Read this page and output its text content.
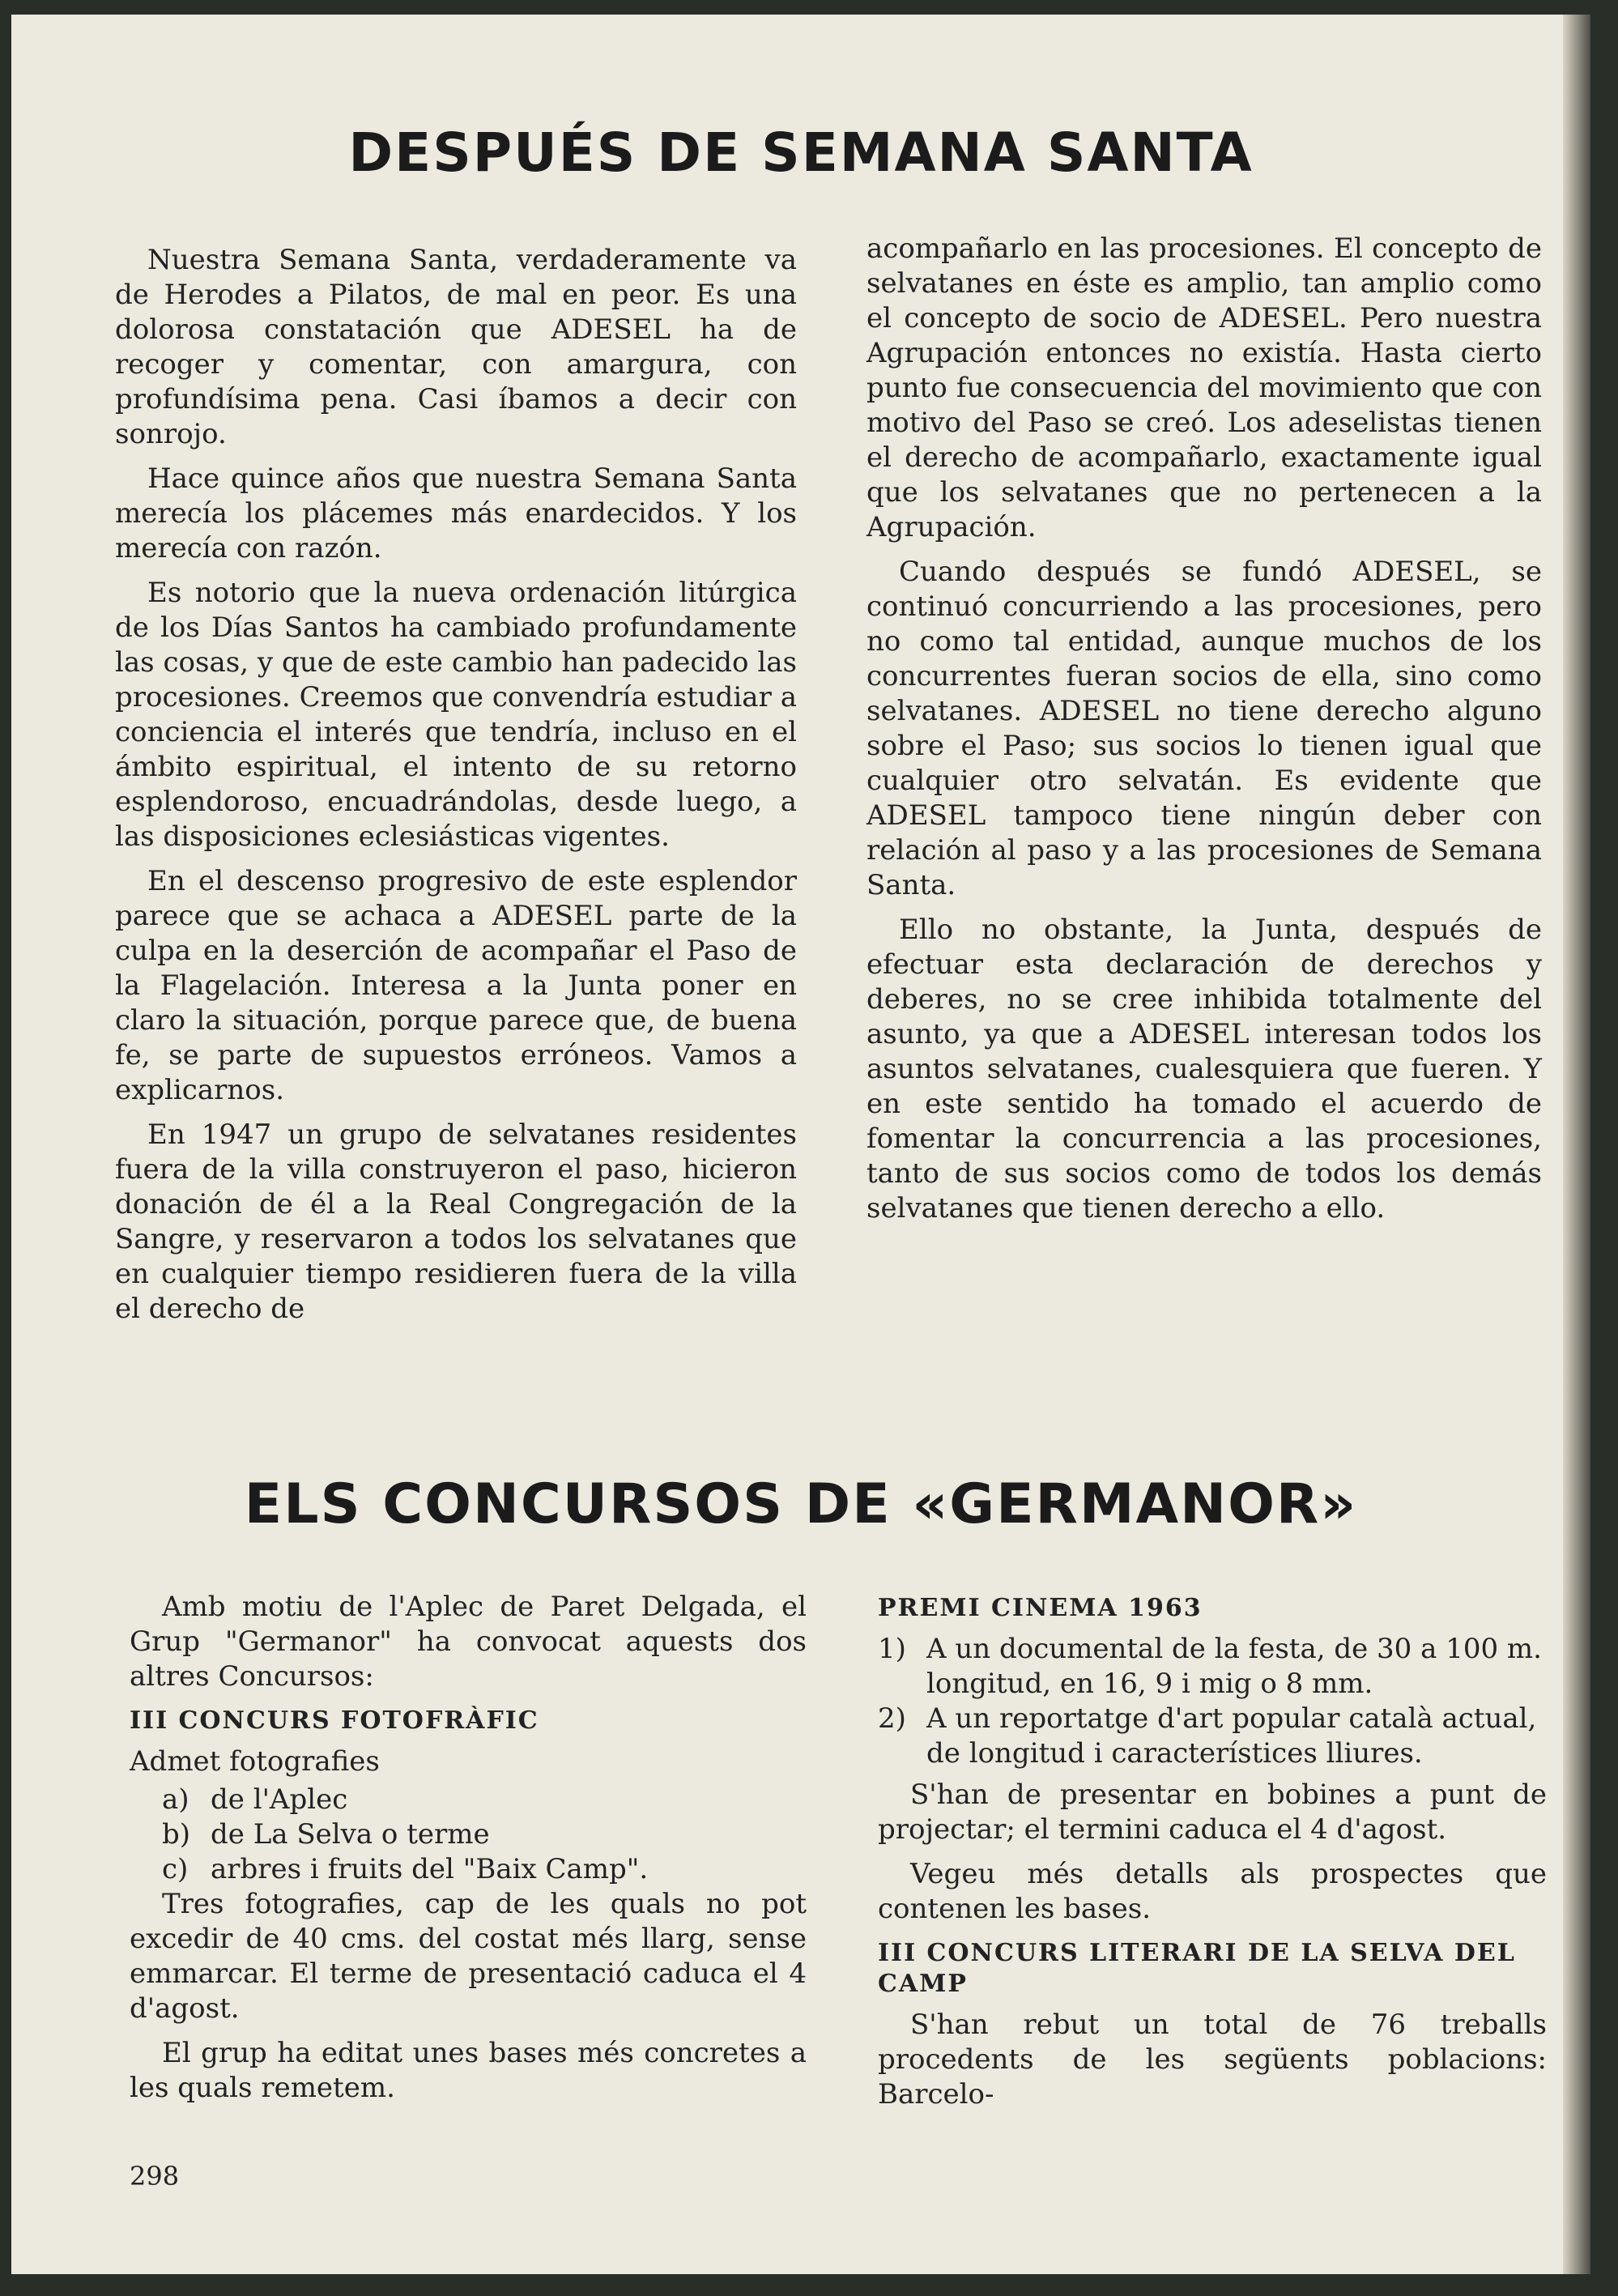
DESPUÉS DE SEMANA SANTA

Nuestra Semana Santa, verdaderamente va de Herodes a Pilatos, de mal en peor. Es una dolorosa constatación que ADESEL ha de recoger y comentar, con amargura, con profundísima pena. Casi íbamos a decir con sonrojo.

Hace quince años que nuestra Semana Santa merecía los plácemes más enardecidos. Y los merecía con razón.

Es notorio que la nueva ordenación litúrgica de los Días Santos ha cambiado profundamente las cosas, y que de este cambio han padecido las procesiones. Creemos que convendría estudiar a conciencia el interés que tendría, incluso en el ámbito espiritual, el intento de su retorno esplendoroso, encuadrándolas, desde luego, a las disposiciones eclesiásticas vigentes.

En el descenso progresivo de este esplendor parece que se achaca a ADESEL parte de la culpa en la deserción de acompañar el Paso de la Flagelación. Interesa a la Junta poner en claro la situación, porque parece que, de buena fe, se parte de supuestos erróneos. Vamos a explicarnos.

En 1947 un grupo de selvatanes residentes fuera de la villa construyeron el paso, hicieron donación de él a la Real Congregación de la Sangre, y reservaron a todos los selvatanes que en cualquier tiempo residieren fuera de la villa el derecho de

acompañarlo en las procesiones. El concepto de selvatanes en éste es amplio, tan amplio como el concepto de socio de ADESEL. Pero nuestra Agrupación entonces no existía. Hasta cierto punto fue consecuencia del movimiento que con motivo del Paso se creó. Los adeselistas tienen el derecho de acompañarlo, exactamente igual que los selvatanes que no pertenecen a la Agrupación.

Cuando después se fundó ADESEL, se continuó concurriendo a las procesiones, pero no como tal entidad, aunque muchos de los concurrentes fueran socios de ella, sino como selvatanes. ADESEL no tiene derecho alguno sobre el Paso; sus socios lo tienen igual que cualquier otro selvatán. Es evidente que ADESEL tampoco tiene ningún deber con relación al paso y a las procesiones de Semana Santa.

Ello no obstante, la Junta, después de efectuar esta declaración de derechos y deberes, no se cree inhibida totalmente del asunto, ya que a ADESEL interesan todos los asuntos selvatanes, cualesquiera que fueren. Y en este sentido ha tomado el acuerdo de fomentar la concurrencia a las procesiones, tanto de sus socios como de todos los demás selvatanes que tienen derecho a ello.

ELS CONCURSOS DE «GERMANOR»

Amb motiu de l'Aplec de Paret Delgada, el Grup "Germanor" ha convocat aquests dos altres Concursos:

III CONCURS FOTOFRÀFIC
Admet fotografies
a) de l'Aplec
b) de La Selva o terme
c) arbres i fruits del "Baix Camp".

Tres fotografies, cap de les quals no pot excedir de 40 cms. del costat més llarg, sense emmarcar. El terme de presentació caduca el 4 d'agost.

El grup ha editat unes bases més concretes a les quals remetem.

PREMI CINEMA 1963
1) A un documental de la festa, de 30 a 100 m. longitud, en 16, 9 i mig o 8 mm.
2) A un reportatge d'art popular català actual, de longitud i característices lliures.

S'han de presentar en bobines a punt de projectar; el termini caduca el 4 d'agost.

Vegeu més detalls als prospectes que contenen les bases.

III CONCURS LITERARI DE LA SELVA DEL CAMP

S'han rebut un total de 76 treballs procedents de les següents poblacions: Barcelo-

298
